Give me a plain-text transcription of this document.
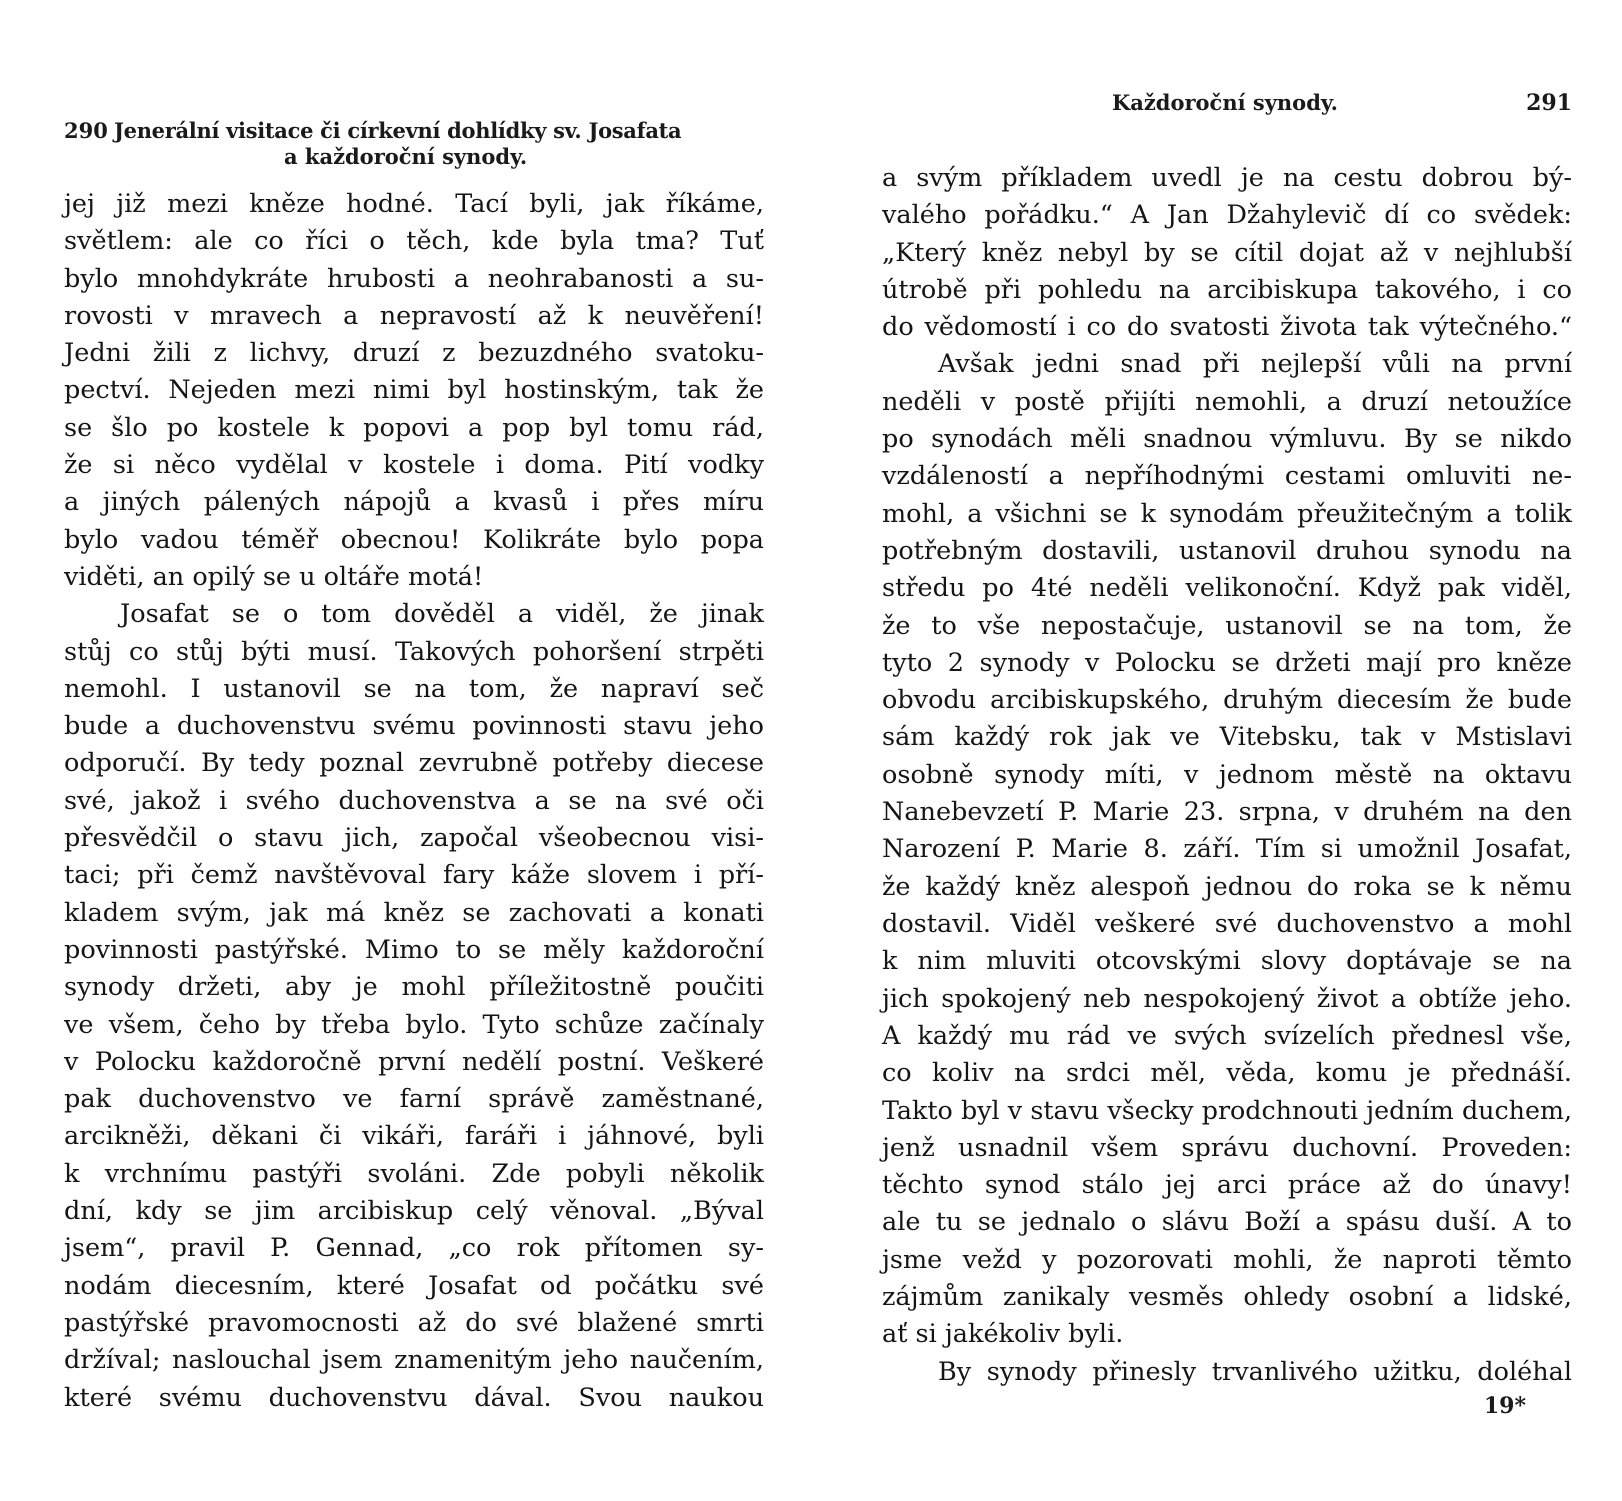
290 Jenerální visitace či církevní dohlídky sv. Josafata
a každoroční synody.
jej již mezi kněze hodné. Tací byli, jak říkáme,
světlem: ale co říci o těch, kde byla tma? Tuť
bylo mnohdykráte hrubosti a neohrabanosti a su-
rovosti v mravech a nepravostí až k neuvěření!
Jedni žili z lichvy, druzí z bezuzdného svatoku-
pectví. Nejeden mezi nimi byl hostinským, tak že
se šlo po kostele k popovi a pop byl tomu rád,
že si něco vydělal v kostele i doma. Pití vodky
a jiných pálených nápojů a kvasů i přes míru
bylo vadou téměř obecnou! Kolikráte bylo popa
viděti, an opilý se u oltáře motá!
Josafat se o tom dověděl a viděl, že jinak
stůj co stůj býti musí. Takových pohoršení strpěti
nemohl. I ustanovil se na tom, že napraví seč
bude a duchovenstvu svému povinnosti stavu jeho
odporučí. By tedy poznal zevrubně potřeby diecese
své, jakož i svého duchovenstva a se na své oči
přesvědčil o stavu jich, započal všeobecnou visi-
taci; při čemž navštěvoval fary káže slovem i pří-
kladem svým, jak má kněz se zachovati a konati
povinnosti pastýřské. Mimo to se měly každoroční
synody držeti, aby je mohl příležitostně poučiti
ve všem, čeho by třeba bylo. Tyto schůze začínaly
v Polocku každoročně první nedělí postní. Veškeré
pak duchovenstvo ve farní správě zaměstnané,
arcikněži, děkani či vikáři, faráři i jáhnové, byli
k vrchnímu pastýři svoláni. Zde pobyli několik
dní, kdy se jim arcibiskup celý věnoval. „Býval
jsem“, pravil P. Gennad, „co rok přítomen sy-
nodám diecesním, které Josafat od počátku své
pastýřské pravomocnosti až do své blažené smrti
držíval; naslouchal jsem znamenitým jeho naučením,
které svému duchovenstvu dával. Svou naukou
Každoroční synody.	291
a svým příkladem uvedl je na cestu dobrou bý-
valého pořádku.“ A Jan Džahylevič dí co svědek:
„Který kněz nebyl by se cítil dojat až v nejhlubší
útrobě při pohledu na arcibiskupa takového, i co
do vědomostí i co do svatosti života tak výtečného.“
Avšak jedni snad při nejlepší vůli na první
neděli v postě přijíti nemohli, a druzí netoužíce
po synodách měli snadnou výmluvu. By se nikdo
vzdáleností a nepříhodnými cestami omluviti ne-
mohl, a všichni se k synodám přeužitečným a tolik
potřebným dostavili, ustanovil druhou synodu na
středu po 4té neděli velikonoční. Když pak viděl,
že to vše nepostačuje, ustanovil se na tom, že
tyto 2 synody v Polocku se držeti mají pro kněze
obvodu arcibiskupského, druhým diecesím že bude
sám každý rok jak ve Vitebsku, tak v Mstislavi
osobně synody míti, v jednom městě na oktavu
Nanebevzetí P. Marie 23. srpna, v druhém na den
Narození P. Marie 8. září. Tím si umožnil Josafat,
že každý kněz alespoň jednou do roka se k němu
dostavil. Viděl veškeré své duchovenstvo a mohl
k nim mluviti otcovskými slovy doptávaje se na
jich spokojený neb nespokojený život a obtíže jeho.
A každý mu rád ve svých svízelích přednesl vše,
co koliv na srdci měl, věda, komu je přednáší.
Takto byl v stavu všecky prodchnouti jedním duchem,
jenž usnadnil všem správu duchovní. Proveden:
těchto synod stálo jej arci práce až do únavy!
ale tu se jednalo o slávu Boží a spásu duší. A to
jsme vežd y pozorovati mohli, že naproti těmto
zájmům zanikaly vesměs ohledy osobní a lidské,
ať si jakékoliv byli.
By synody přinesly trvanlivého užitku, doléhal
19*
